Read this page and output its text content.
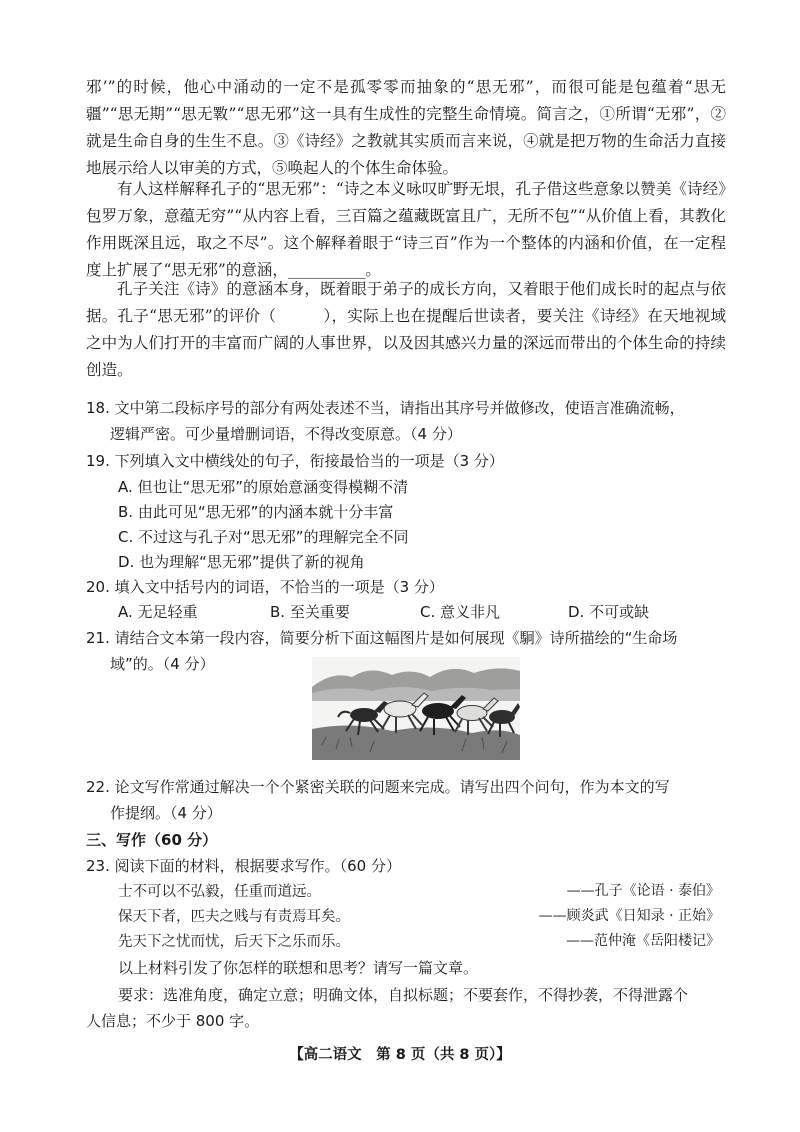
邪’”的时候，他心中涌动的一定不是孤零零而抽象的“思无邪”，而很可能是包蕴着“思无疆”“思无期”“思无斁”“思无邪”这一具有生成性的完整生命情境。简言之，①所谓“无邪”，②就是生命自身的生生不息。③《诗经》之教就其实质而言来说，④就是把万物的生命活力直接地展示给人以审美的方式，⑤唤起人的个体生命体验。

有人这样解释孔子的“思无邪”：“诗之本义咏叹旷野无垠，孔子借这些意象以赞美《诗经》包罗万象，意蕴无穷”“从内容上看，三百篇之蕴藏既富且广，无所不包”“从价值上看，其教化作用既深且远，取之不尽”。这个解释着眼于“诗三百”作为一个整体的内涵和价值，在一定程度上扩展了“思无邪”的意涵，__________。

孔子关注《诗》的意涵本身，既着眼于弟子的成长方向，又着眼于他们成长时的起点与依据。孔子“思无邪”的评价（　　　），实际上也在提醒后世读者，要关注《诗经》在天地视域之中为人们打开的丰富而广阔的人事世界，以及因其感兴力量的深远而带出的个体生命的持续创造。

18. 文中第二段标序号的部分有两处表述不当，请指出其序号并做修改，使语言准确流畅，
逻辑严密。可少量增删词语，不得改变原意。（4 分）
19. 下列填入文中横线处的句子，衔接最恰当的一项是（3 分）
A. 但也让“思无邪”的原始意涵变得模糊不清
B. 由此可见“思无邪”的内涵本就十分丰富
C. 不过这与孔子对“思无邪”的理解完全不同
D. 也为理解“思无邪”提供了新的视角
20. 填入文中括号内的词语，不恰当的一项是（3 分）
A. 无足轻重	B. 至关重要	C. 意义非凡	D. 不可或缺
21. 请结合文本第一段内容，简要分析下面这幅图片是如何展现《駉》诗所描绘的“生命场
22. 论文写作常通过解决一个个紧密关联的问题来完成。请写出四个问句，作为本文的写
作提纲。（4 分）
三、写作（60 分）
23. 阅读下面的材料，根据要求写作。（60 分）
士不可以不弘毅，任重而道远。	——孔子《论语 · 泰伯》
保天下者，匹夫之贱与有责焉耳矣。	——顾炎武《日知录 · 正始》
先天下之忧而忧，后天下之乐而乐。	——范仲淹《岳阳楼记》
以上材料引发了你怎样的联想和思考？请写一篇文章。
要求：选准角度，确定立意；明确文体，自拟标题；不要套作，不得抄袭，不得泄露个
人信息；不少于 800 字。
【高二语文　第 8 页（共 8 页）】
域”的。（4 分）
